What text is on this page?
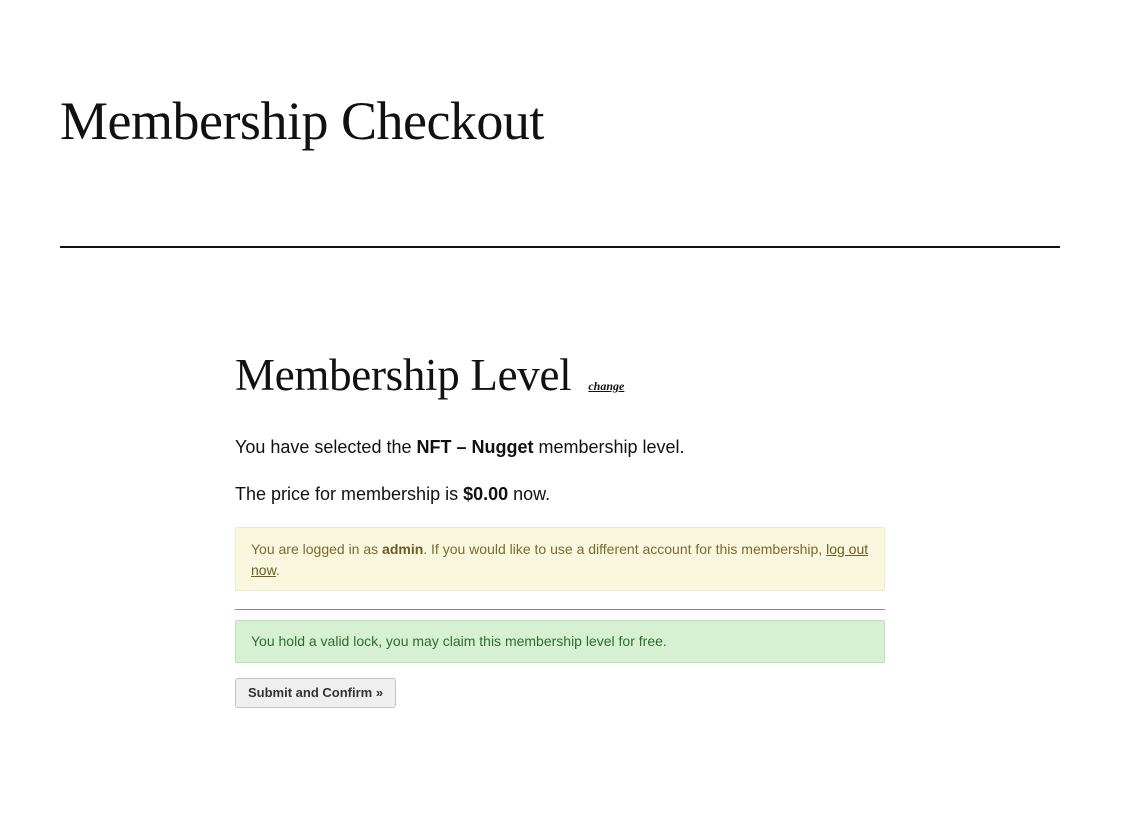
Membership Checkout
Membership Level change

You have selected the NFT – Nugget membership level.

The price for membership is $0.00 now.

You are logged in as admin. If you would like to use a different account for this membership, log out now.
You hold a valid lock, you may claim this membership level for free.
Submit and Confirm »
